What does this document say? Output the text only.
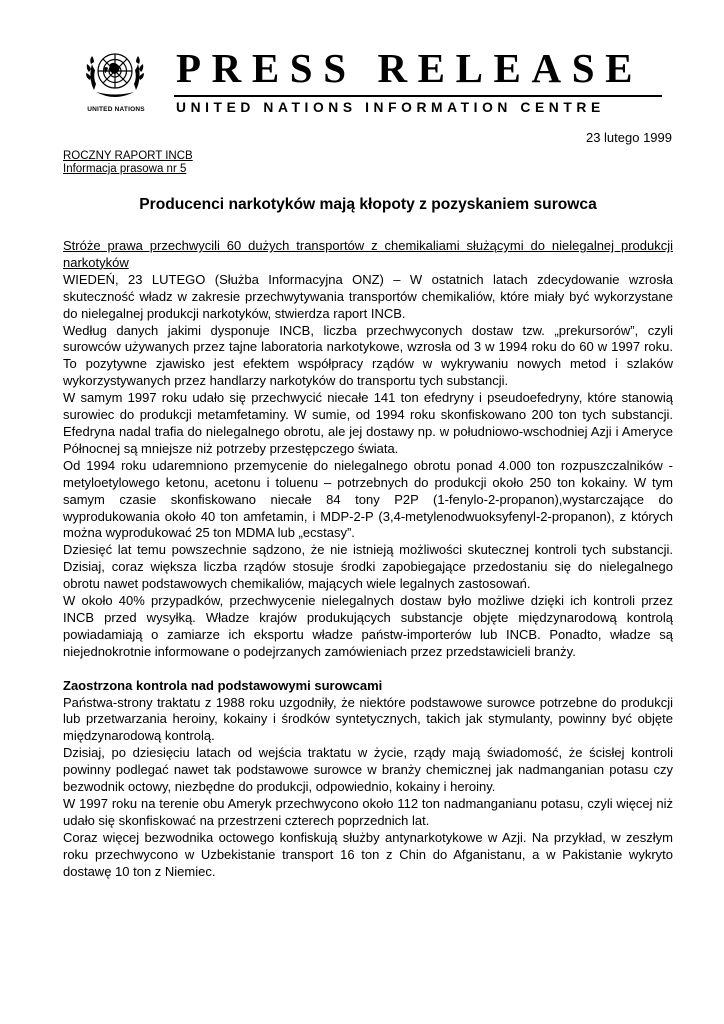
UNITED NATIONS
PRESS RELEASE
UNITED NATIONS INFORMATION CENTRE
23 lutego 1999
ROCZNY RAPORT INCB
Informacja prasowa nr 5
Producenci narkotyków mają kłopoty z pozyskaniem surowca

Stróże prawa przechwycili 60 dużych transportów z chemikaliami służącymi do nielegalnej produkcji narkotyków

WIEDEŃ, 23 LUTEGO (Służba Informacyjna ONZ) – W ostatnich latach zdecydowanie wzrosła skuteczność władz w zakresie przechwytywania transportów chemikaliów, które miały być wykorzystane do nielegalnej produkcji narkotyków, stwierdza raport INCB.

Według danych jakimi dysponuje INCB, liczba przechwyconych dostaw tzw. „prekursorów”, czyli surowców używanych przez tajne laboratoria narkotykowe, wzrosła od 3 w 1994 roku do 60 w 1997 roku. To pozytywne zjawisko jest efektem współpracy rządów w wykrywaniu nowych metod i szlaków wykorzystywanych przez handlarzy narkotyków do transportu tych substancji.

W samym 1997 roku udało się przechwycić niecałe 141 ton efedryny i pseudoefedryny, które stanowią surowiec do produkcji metamfetaminy. W sumie, od 1994 roku skonfiskowano 200 ton tych substancji. Efedryna nadal trafia do nielegalnego obrotu, ale jej dostawy np. w południowo-wschodniej Azji i Ameryce Północnej są mniejsze niż potrzeby przestępczego świata.

Od 1994 roku udaremniono przemycenie do nielegalnego obrotu ponad 4.000 ton rozpuszczalników - metyloetylowego ketonu, acetonu i toluenu – potrzebnych do produkcji około 250 ton kokainy. W tym samym czasie skonfiskowano niecałe 84 tony P2P (1-fenylo-2-propanon),wystarczające do wyprodukowania około 40 ton amfetamin, i MDP-2-P (3,4-metylenodwuoksyfenyl-2-propanon), z których można wyprodukować 25 ton MDMA lub „ecstasy”.

Dziesięć lat temu powszechnie sądzono, że nie istnieją możliwości skutecznej kontroli tych substancji. Dzisiaj, coraz większa liczba rządów stosuje środki zapobiegające przedostaniu się do nielegalnego obrotu nawet podstawowych chemikaliów, mających wiele legalnych zastosowań.

W około 40% przypadków, przechwycenie nielegalnych dostaw było możliwe dzięki ich kontroli przez INCB przed wysyłką. Władze krajów produkujących substancje objęte międzynarodową kontrolą powiadamiają o zamiarze ich eksportu władze państw-importerów lub INCB. Ponadto, władze są niejednokrotnie informowane o podejrzanych zamówieniach przez przedstawicieli branży.

Zaostrzona kontrola nad podstawowymi surowcami

Państwa-strony traktatu z 1988 roku uzgodniły, że niektóre podstawowe surowce potrzebne do produkcji lub przetwarzania heroiny, kokainy i środków syntetycznych, takich jak stymulanty, powinny być objęte międzynarodową kontrolą.

Dzisiaj, po dziesięciu latach od wejścia traktatu w życie, rządy mają świadomość, że ścisłej kontroli powinny podlegać nawet tak podstawowe surowce w branży chemicznej jak nadmanganian potasu czy bezwodnik octowy, niezbędne do produkcji, odpowiednio, kokainy i heroiny.

W 1997 roku na terenie obu Ameryk przechwycono około 112 ton nadmanganianu potasu, czyli więcej niż udało się skonfiskować na przestrzeni czterech poprzednich lat.

Coraz więcej bezwodnika octowego konfiskują służby antynarkotykowe w Azji. Na przykład, w zeszłym roku przechwycono w Uzbekistanie transport 16 ton z Chin do Afganistanu, a w Pakistanie wykryto dostawę 10 ton z Niemiec.
